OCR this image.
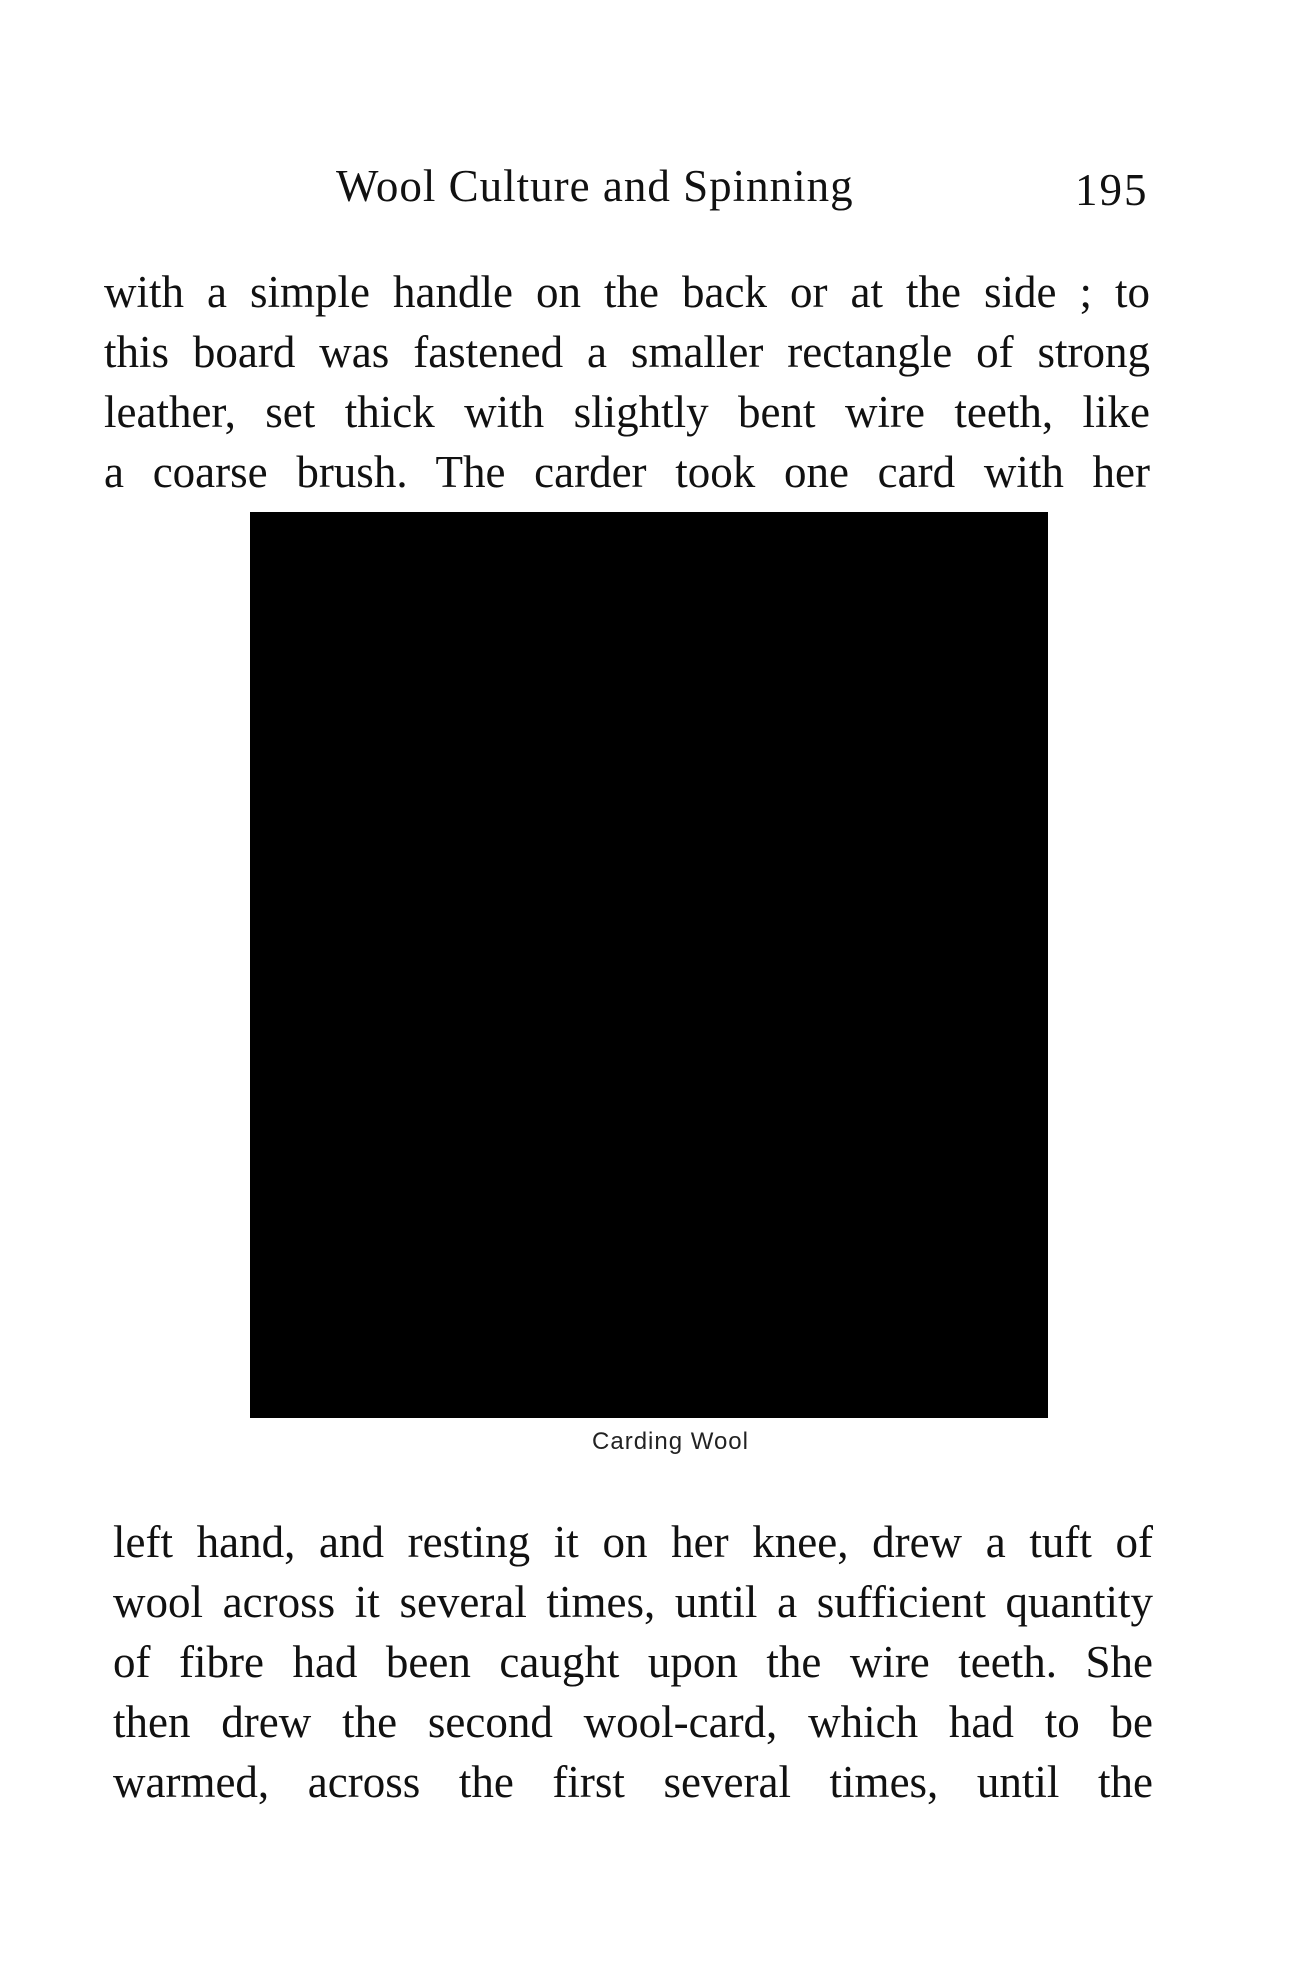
Wool Culture and Spinning	195
with a simple handle on the back or at the side ; to
this board was fastened a smaller rectangle of strong
leather, set thick with slightly bent wire teeth, like
a coarse brush. The carder took one card with her
Carding Wool
left hand, and resting it on her knee, drew a tuft of
wool across it several times, until a sufficient quantity
of fibre had been caught upon the wire teeth. She
then drew the second wool-card, which had to be
warmed, across the first several times, until the
